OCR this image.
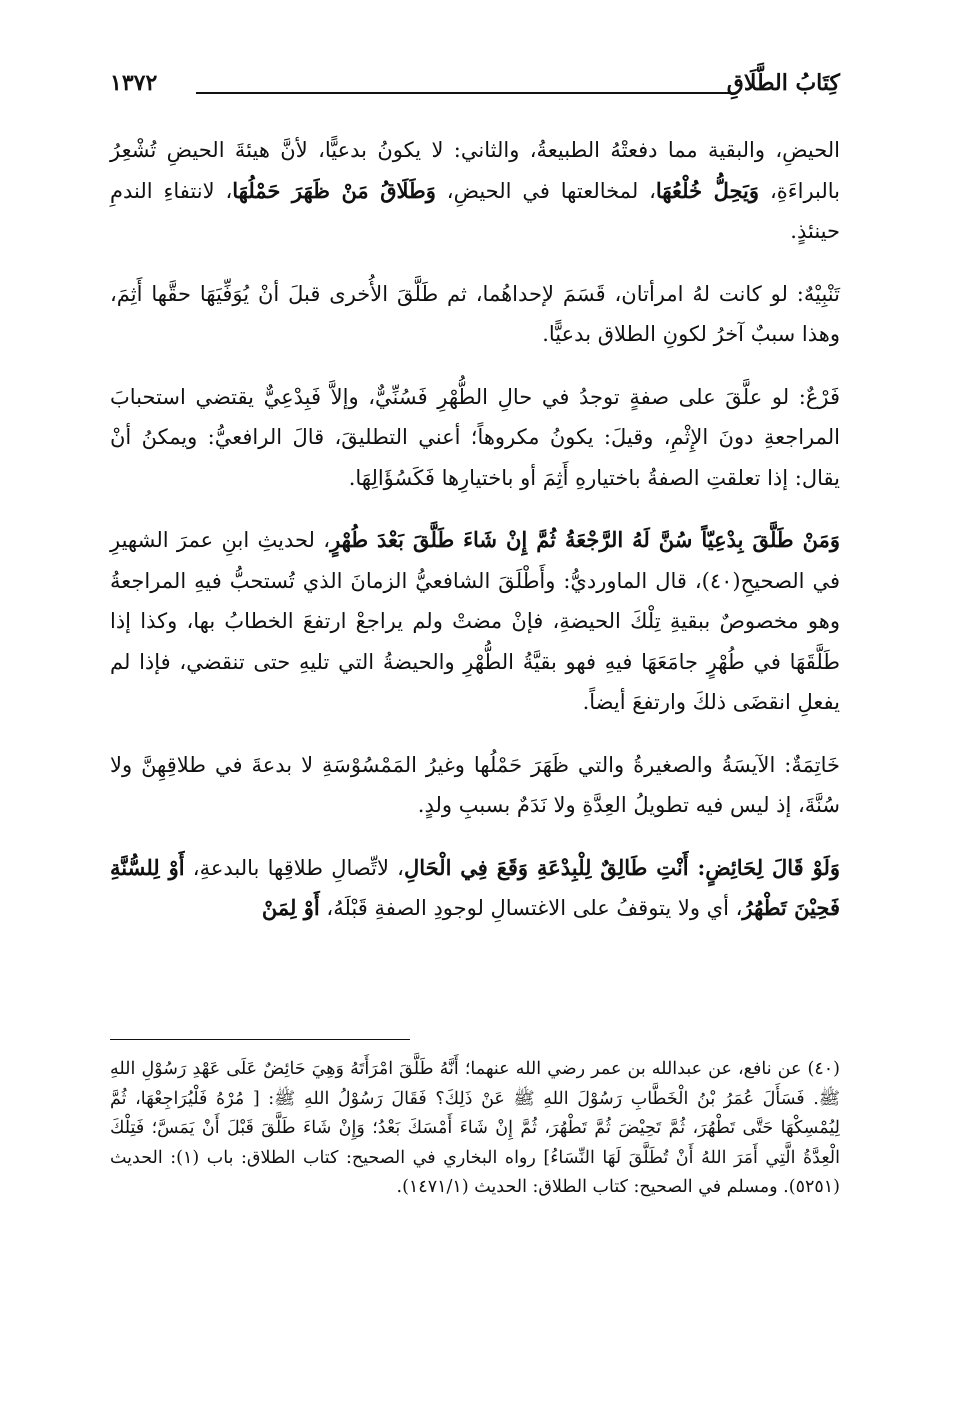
كِتَابُ الطَّلَاقِ
١٣٧٢

الحيضِ، والبقية مما دفعتْهُ الطبيعةُ، والثاني: لا يكونُ بدعيًّا، لأنَّ هيئةَ الحيضِ تُشْعِرُ بالبراءَةِ، وَيَحِلُّ خُلْعُهَا، لمخالعتها في الحيضِ، وَطَلَاقُ مَنْ ظَهَرَ حَمْلُهَا، لانتفاءِ الندمِ حينئذٍ.

تَنْبِيْهٌ: لو كانت لهُ امرأتان، قَسَمَ لإحداهُما، ثم طَلَّقَ الأُخرى قبلَ أنْ يُوَفِّيَهَا حقَّها أَثِمَ، وهذا سببٌ آخرُ لكونِ الطلاق بدعيًّا.

فَرْعٌ: لو علَّقَ على صفةٍ توجدُ في حالِ الطُّهْرِ فَسُنِّيٌّ، وإلاَّ فَبِدْعِيٌّ يقتضي استحبابَ المراجعةِ دونَ الإِثْمِ، وقيلَ: يكونُ مكروهاً؛ أعني التطليقَ، قالَ الرافعيُّ: ويمكنُ أنْ يقال: إذا تعلقتِ الصفةُ باختيارهِ أَثِمَ أو باختيارِها فَكَسُؤَالِهَا.

وَمَنْ طَلَّقَ بِدْعِيّاً سُنَّ لَهُ الرَّجْعَةُ ثُمَّ إِنْ شَاءَ طَلَّقَ بَعْدَ طُهْرٍ، لحديثِ ابنِ عمرَ الشهيرِ في الصحيحِ(٤٠)، قال الماورديُّ: وأَطْلَقَ الشافعيُّ الزمانَ الذي تُستحبُّ فيهِ المراجعةُ وهو مخصوصٌ ببقيةِ تِلْكَ الحيضةِ، فإنْ مضتْ ولم يراجعْ ارتفعَ الخطابُ بها، وكذا إذا طَلَّقَهَا في طُهْرٍ جامَعَهَا فيهِ فهو بقيَّةُ الطُّهْرِ والحيضةُ التي تليهِ حتى تنقضي، فإذا لم يفعلِ انقضَى ذلكَ وارتفعَ أيضاً.

خَاتِمَةٌ: الآيسَةُ والصغيرةُ والتي ظَهَرَ حَمْلُها وغيرُ المَمْسُوْسَةِ لا بدعةَ في طلاقِهِنَّ ولا سُنَّةَ، إذ ليس فيه تطويلُ العِدَّةِ ولا نَدَمٌ بسببِ ولدٍ.

وَلَوْ قَالَ لِحَائِضٍ: أَنْتِ طَالِقٌ لِلْبِدْعَةِ وَقَعَ فِي الْحَالِ، لاتِّصالِ طلاقِها بالبدعةِ، أَوْ لِلسُّنَّةِ فَحِيْنَ تَطْهُرُ، أي ولا يتوقفُ على الاغتسالِ لوجودِ الصفةِ قَبْلَهُ، أَوْ لِمَنْ

(٤٠) عن نافع، عن عبدالله بن عمر رضي الله عنهما؛ أَنَّهُ طَلَّقَ امْرَأَتَهُ وَهِيَ حَائِضٌ عَلَى عَهْدِ رَسُوْلِ اللهِ ﷺ. فَسَأَلَ عُمَرُ بْنُ الْخَطَّابِ رَسُوْلَ اللهِ ﷺ عَنْ ذَلِكَ؟ فَقَالَ رَسُوْلُ اللهِ ﷺ: [ مُرْهُ فَلْيُرَاجِعْهَا، ثُمَّ لِيُمْسِكْهَا حَتَّى تَطْهُرَ، ثُمَّ تَحِيْضَ ثُمَّ تَطْهُرَ، ثُمَّ إِنْ شَاءَ أَمْسَكَ بَعْدُ؛ وَإِنْ شَاءَ طَلَّقَ قَبْلَ أَنْ يَمَسَّ؛ فَتِلْكَ الْعِدَّةُ الَّتِي أَمَرَ اللهُ أَنْ تُطَلَّقَ لَهَا النِّسَاءُ] رواه البخاري في الصحيح: كتاب الطلاق: باب (١): الحديث (٥٢٥١). ومسلم في الصحيح: كتاب الطلاق: الحديث (١٤٧١/١).
